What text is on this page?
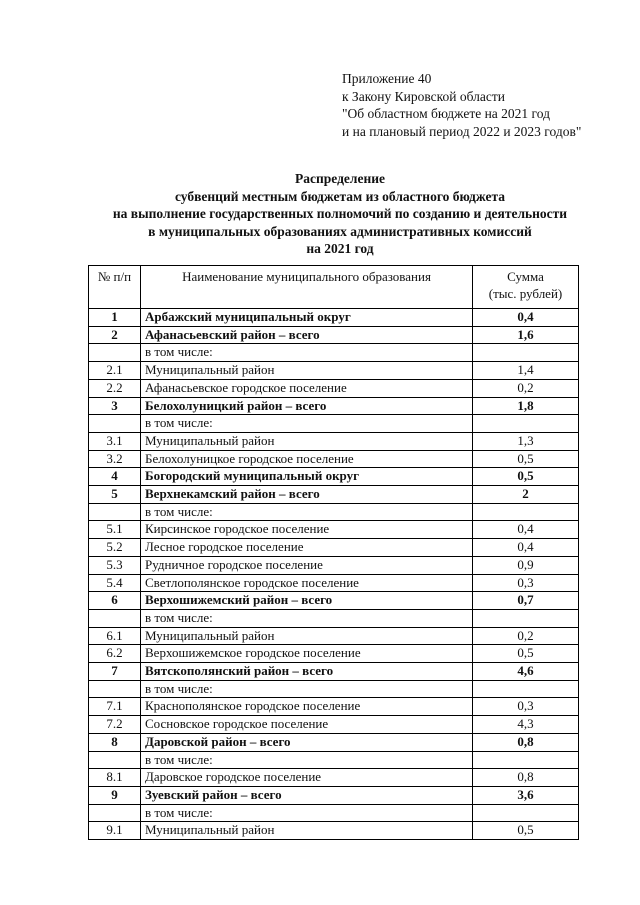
Приложение 40
к Закону Кировской области
"Об областном бюджете на 2021 год
и на плановый период 2022 и 2023 годов"
Распределение
субвенций местным бюджетам из областного бюджета
на выполнение государственных полномочий по созданию и деятельности
в муниципальных образованиях административных комиссий
на 2021 год
№ п/п	Наименование муниципального образования	Сумма
(тыс. рублей)
1	Арбажский муниципальный округ	0,4
2	Афанасьевский район – всего	1,6
	в том числе:	
2.1	Муниципальный район	1,4
2.2	Афанасьевское городское поселение	0,2
3	Белохолуницкий район – всего	1,8
	в том числе:	
3.1	Муниципальный район	1,3
3.2	Белохолуницкое городское поселение	0,5
4	Богородский муниципальный округ	0,5
5	Верхнекамский район – всего	2
	в том числе:	
5.1	Кирсинское городское поселение	0,4
5.2	Лесное городское поселение	0,4
5.3	Рудничное городское поселение	0,9
5.4	Светлополянское городское поселение	0,3
6	Верхошижемский район – всего	0,7
	в том числе:	
6.1	Муниципальный район	0,2
6.2	Верхошижемское городское поселение	0,5
7	Вятскополянский район – всего	4,6
	в том числе:	
7.1	Краснополянское городское поселение	0,3
7.2	Сосновское городское поселение	4,3
8	Даровской район – всего	0,8
	в том числе:	
8.1	Даровское городское поселение	0,8
9	Зуевский район – всего	3,6
	в том числе:	
9.1	Муниципальный район	0,5
